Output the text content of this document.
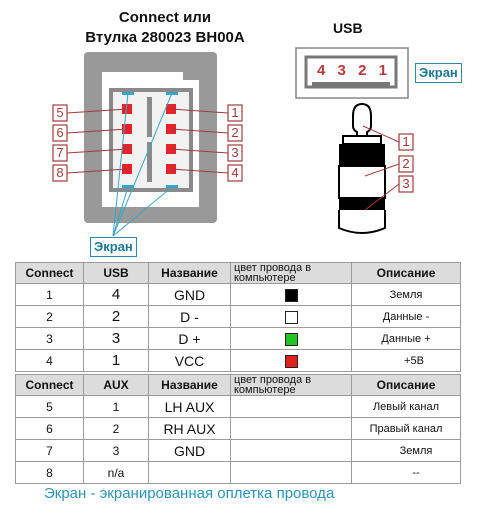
Connect или
Втулка 280023 BH00A
5
6
7
8
1
2
3
4
Экран
USB
4 3 2 1	Экран
1
2
3
Connect	USB	Название	цвет провода в компьютере	Описание
1	4	GND		Земля
2	2	D -		Данные -
3	3	D +		Данные +
4	1	VCC		+5В
Connect	AUX	Название	цвет провода в компьютере	Описание
5	1	LH AUX		Левый канал
6	2	RH AUX		Правый канал
7	3	GND		Земля
8	n/a			--
Экран - экранированная оплетка провода
